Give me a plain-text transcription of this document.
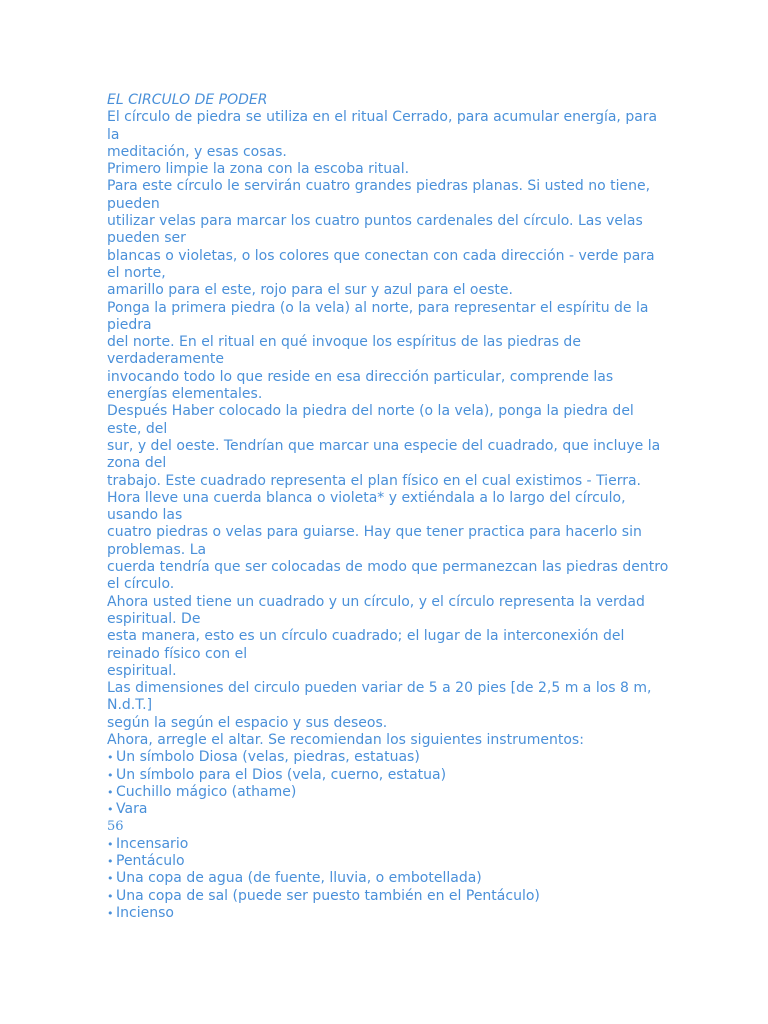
EL CIRCULO DE PODER
El círculo de piedra se utiliza en el ritual Cerrado, para acumular energía, para
la
meditación, y esas cosas.
Primero limpie la zona con la escoba ritual.
Para este círculo le servirán cuatro grandes piedras planas. Si usted no tiene,
pueden
utilizar velas para marcar los cuatro puntos cardenales del círculo. Las velas
pueden ser
blancas o violetas, o los colores que conectan con cada dirección - verde para
el norte,
amarillo para el este, rojo para el sur y azul para el oeste.
Ponga la primera piedra (o la vela) al norte, para representar el espíritu de la
piedra
del norte. En el ritual en qué invoque los espíritus de las piedras de
verdaderamente
invocando todo lo que reside en esa dirección particular, comprende las
energías elementales.
Después Haber colocado la piedra del norte (o la vela), ponga la piedra del
este, del
sur, y del oeste. Tendrían que marcar una especie del cuadrado, que incluye la
zona del
trabajo. Este cuadrado representa el plan físico en el cual existimos - Tierra.
Hora lleve una cuerda blanca o violeta* y extiéndala a lo largo del círculo,
usando las
cuatro piedras o velas para guiarse. Hay que tener practica para hacerlo sin
problemas. La
cuerda tendría que ser colocadas de modo que permanezcan las piedras dentro
el círculo.
Ahora usted tiene un cuadrado y un círculo, y el círculo representa la verdad
espiritual. De
esta manera, esto es un círculo cuadrado; el lugar de la interconexión del
reinado físico con el
espiritual.
Las dimensiones del circulo pueden variar de 5 a 20 pies [de 2,5 m a los 8 m,
N.d.T.]
según la según el espacio y sus deseos.
Ahora, arregle el altar. Se recomiendan los siguientes instrumentos:
• Un símbolo Diosa (velas, piedras, estatuas)
• Un símbolo para el Dios (vela, cuerno, estatua)
• Cuchillo mágico (athame)
• Vara
56
• Incensario
• Pentáculo
• Una copa de agua (de fuente, lluvia, o embotellada)
• Una copa de sal (puede ser puesto también en el Pentáculo)
• Incienso
